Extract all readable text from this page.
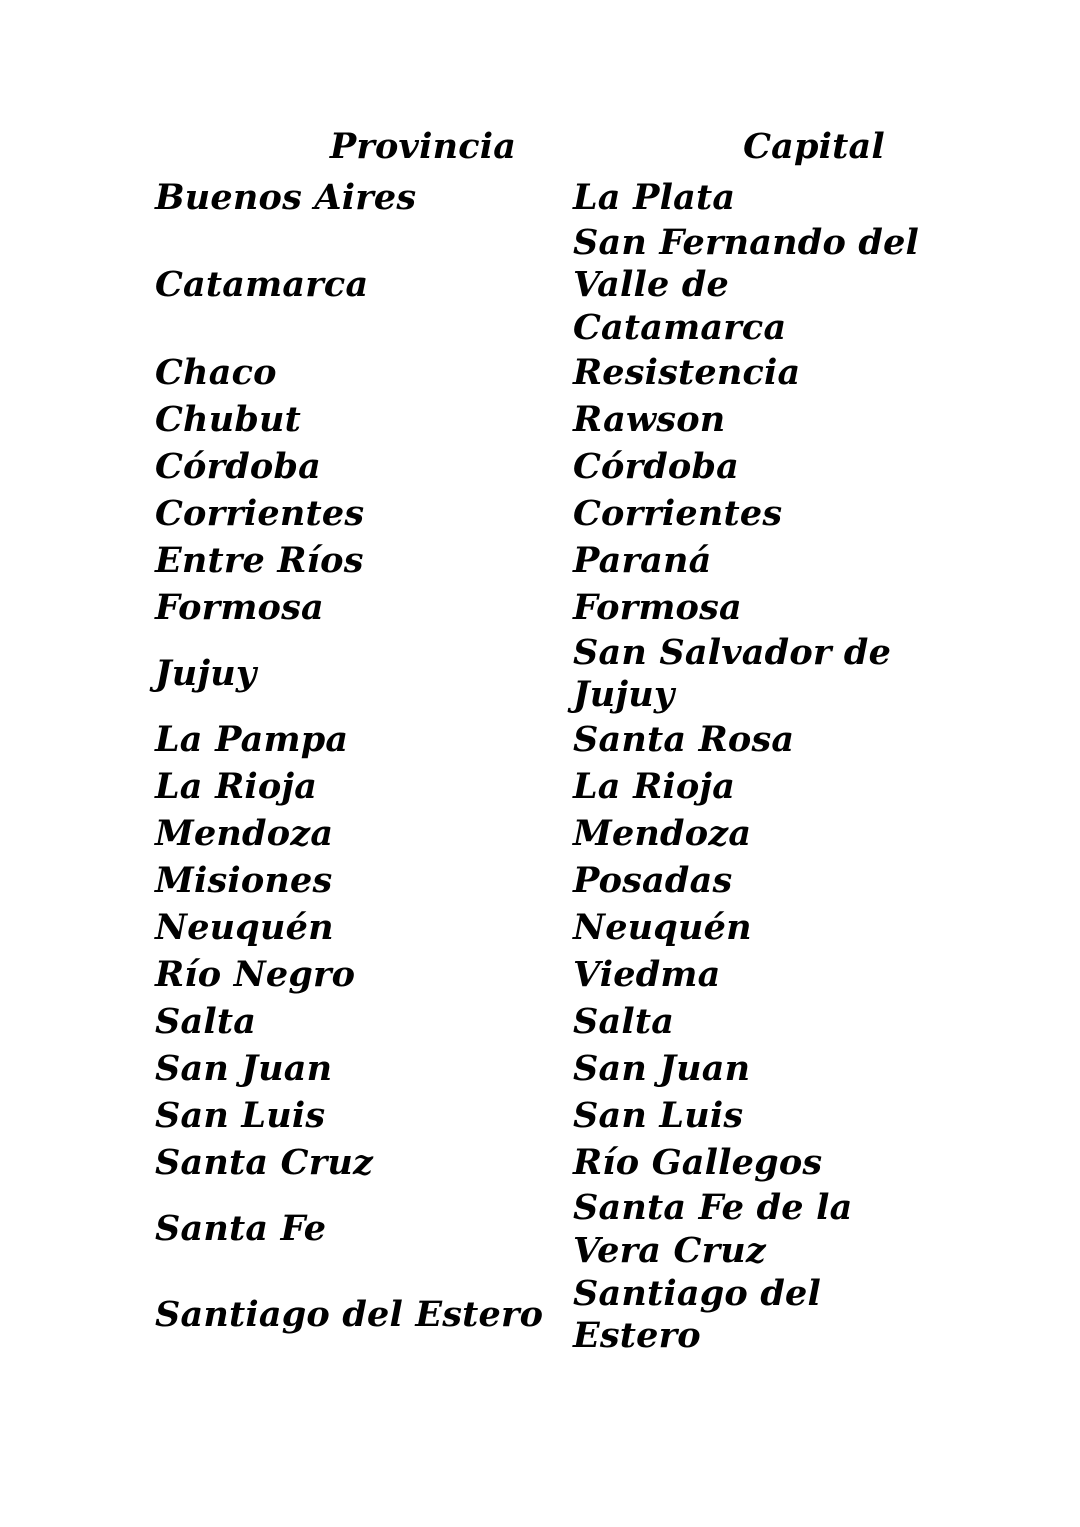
Provincia	Capital
Buenos Aires	La Plata
Catamarca	San Fernando del Valle de Catamarca
Chaco	Resistencia
Chubut	Rawson
Córdoba	Córdoba
Corrientes	Corrientes
Entre Ríos	Paraná
Formosa	Formosa
Jujuy	San Salvador de Jujuy
La Pampa	Santa Rosa
La Rioja	La Rioja
Mendoza	Mendoza
Misiones	Posadas
Neuquén	Neuquén
Río Negro	Viedma
Salta	Salta
San Juan	San Juan
San Luis	San Luis
Santa Cruz	Río Gallegos
Santa Fe	Santa Fe de la Vera Cruz
Santiago del Estero	Santiago del Estero
